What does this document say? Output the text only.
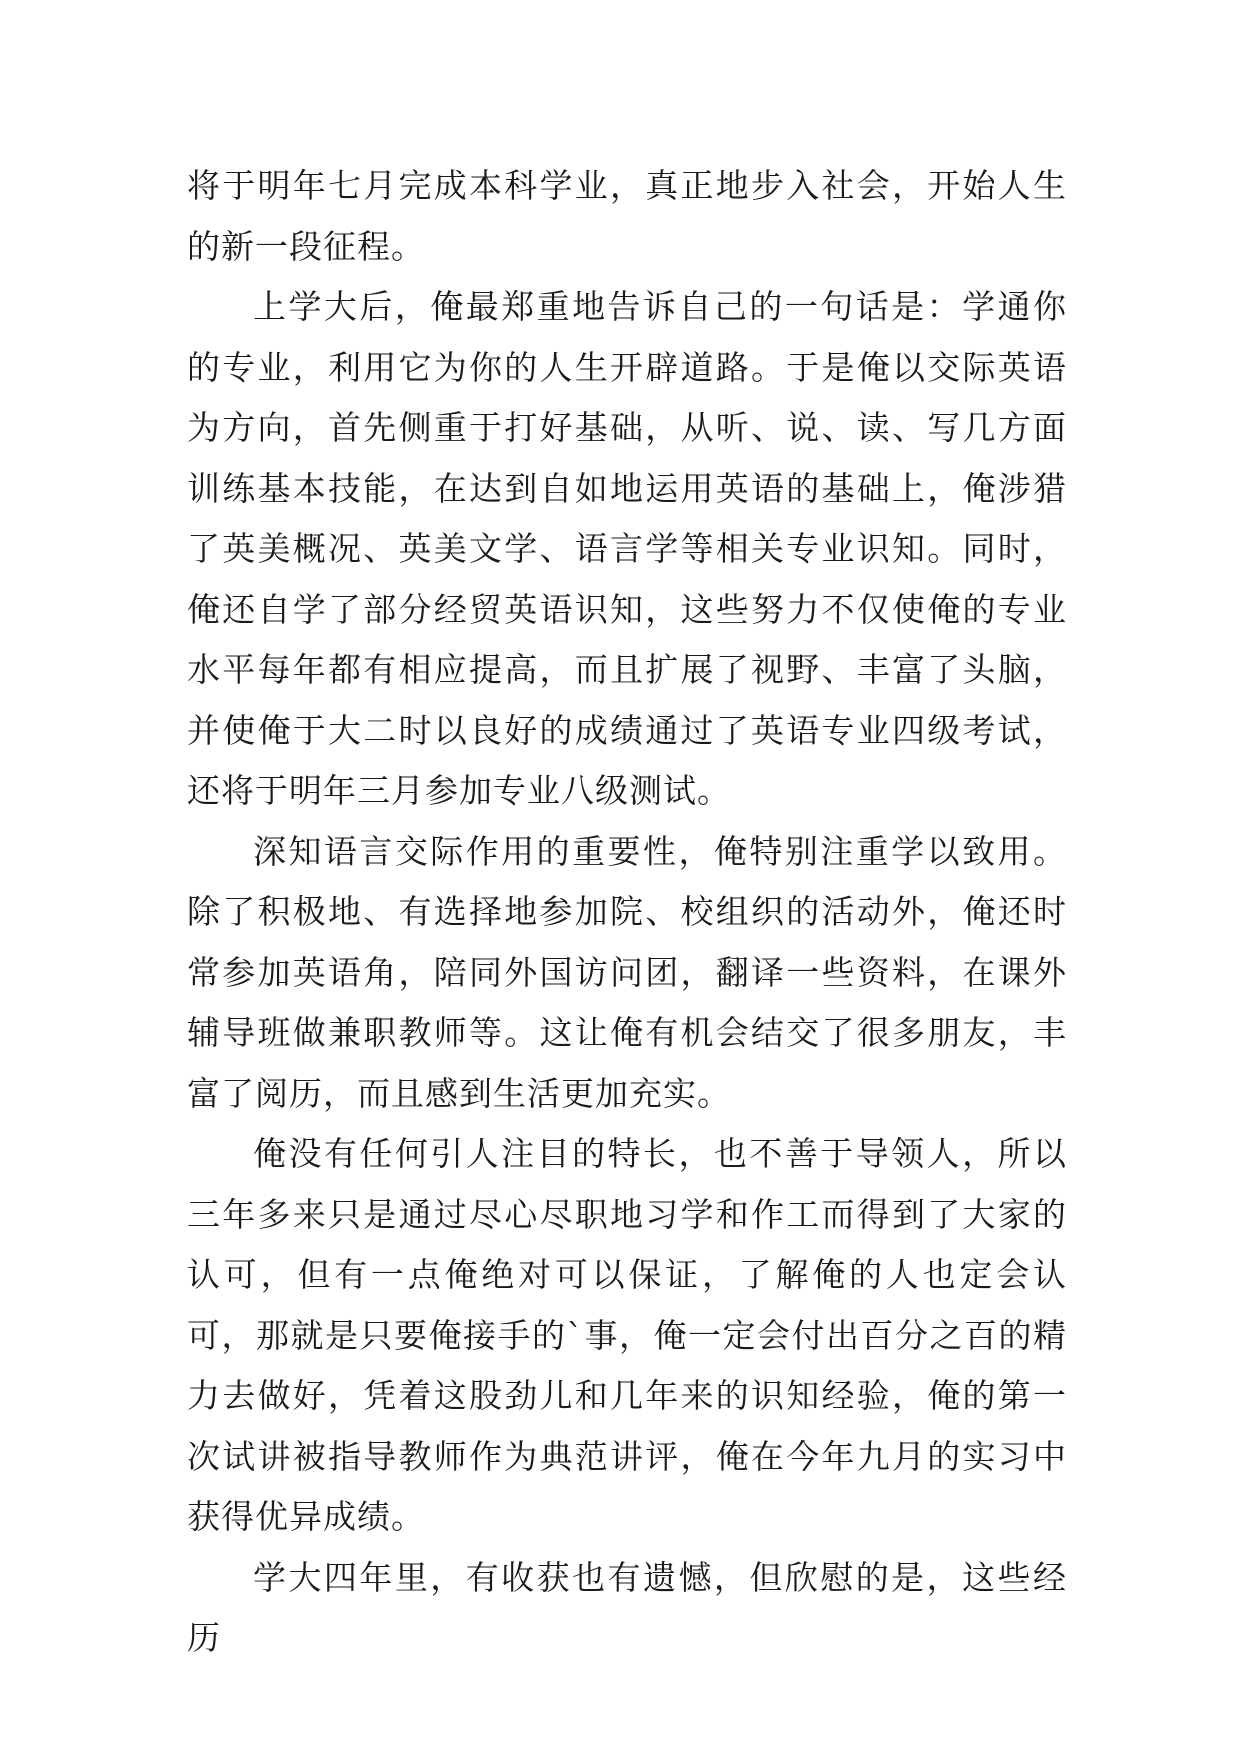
将于明年七月完成本科学业，真正地步入社会，开始人生的新一段征程。

上学大后，俺最郑重地告诉自己的一句话是：学通你的专业，利用它为你的人生开辟道路。于是俺以交际英语为方向，首先侧重于打好基础，从听、说、读、写几方面训练基本技能，在达到自如地运用英语的基础上，俺涉猎了英美概况、英美文学、语言学等相关专业识知。同时，俺还自学了部分经贸英语识知，这些努力不仅使俺的专业水平每年都有相应提高，而且扩展了视野、丰富了头脑，并使俺于大二时以良好的成绩通过了英语专业四级考试，还将于明年三月参加专业八级测试。

深知语言交际作用的重要性，俺特别注重学以致用。除了积极地、有选择地参加院、校组织的活动外，俺还时常参加英语角，陪同外国访问团，翻译一些资料，在课外辅导班做兼职教师等。这让俺有机会结交了很多朋友，丰富了阅历，而且感到生活更加充实。

俺没有任何引人注目的特长，也不善于导领人，所以三年多来只是通过尽心尽职地习学和作工而得到了大家的认可，但有一点俺绝对可以保证，了解俺的人也定会认可，那就是只要俺接手的`事，俺一定会付出百分之百的精力去做好，凭着这股劲儿和几年来的识知经验，俺的第一次试讲被指导教师作为典范讲评，俺在今年九月的实习中获得优异成绩。

学大四年里，有收获也有遗憾，但欣慰的是，这些经历
